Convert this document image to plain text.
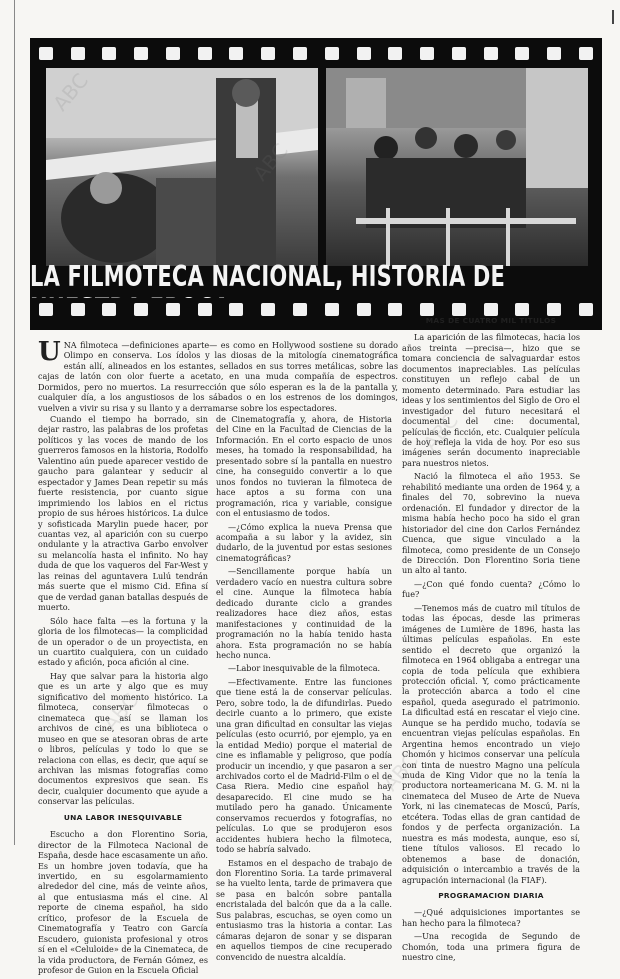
LA FILMOTECA NACIONAL, HISTORIA DE

U NA filmoteca —definiciones aparte— es como en Hollywood sostiene su dorado Olimpo en conserva. Los ídolos y las diosas de la mitología cinematográfica están allí, alineados en los estantes, sellados en sus torres metálicas, sobre las cajas de latón con olor fuerte a acetato, en una muda compañía de espectros. Dormidos, pero no muertos. La resurrección que sólo esperan es la de la pantalla y, cualquier día, a los angustiosos de los sábados o en los estrenos de los domingos, vuelven a vivir su risa y su llanto y a derramarse sobre los espectadores.

Cuando el tiempo ha borrado, sin dejar rastro, las palabras de los profetas políticos y las voces de mando de los guerreros famosos en la historia, Rodolfo Valentino aún puede aparecer vestido de gaucho para galantear y seducir al espectador y James Dean repetir su más fuerte resistencia, por cuanto sigue imprimiendo los labios en el rictus propio de sus héroes históricos. La dulce y sofisticada Marylin puede hacer, por cuantas vez, al aparición con su cuerpo ondulante y la atractiva Garbo envolver su melancolía hasta el infinito. No hay duda de que los vaqueros del Far-West y las reinas del aguntavera Lulú tendrán más suerte que el mismo Cid. Efina sí que de verdad ganan batallas después de muerto.

Sólo hace falta —es la fortuna y la gloria de los filmotecas— la complicidad de un operador o de un proyectista, en un cuartito cualquiera, con un cuidado estado y afición, poca afición al cine.

Hay que salvar para la historia algo que es un arte y algo que es muy significativo del momento histórico. La filmoteca, conservar filmotecas o cinemateca que así se llaman los archivos de cine, es una biblioteca o museo en que se atesoran obras de arte o libros, películas y todo lo que se relaciona con ellas, es decir, que aquí se archivan las mismas fotografías como documentos expresivos que sean. Es decir, cualquier documento que ayude a conservar las películas.

UNA LABOR INESQUIVABLE

Escucho a don Florentino Soria, director de la Filmoteca Nacional de España, desde hace escasamente un año. Es un hombre joven todavía, que ha invertido, en su esgolarmamiento alrededor del cine, más de veinte años, al que entusiasma más el cine. Al reporte de cinema español, ha sido crítico, profesor de la Escuela de Cinematografía y Teatro con García Escudero, guionista profesional y otros sí en el «Celuloide» de la Cinemateca, de la vida productora, de Fernán Gómez, es profesor de Guion en la Escuela Oficial

de Cinematografía y, ahora, de Historia del Cine en la Facultad de Ciencias de la Información. En el corto espacio de unos meses, ha tomado la responsabilidad, ha presentado sobre sí la pantalla en nuestro cine, ha conseguido convertir a lo que unos fondos no tuvieran la filmoteca de hace aptos a su forma con una programación, rica y variable, consigue con el entusiasmo de todos.

—¿Cómo explica la nueva Prensa que acompaña a su labor y la avidez, sin dudarlo, de la juventud por estas sesiones cinematográficas?

—Sencillamente porque había un verdadero vacío en nuestra cultura sobre el cine. Aunque la filmoteca había dedicado durante ciclo a grandes realizadores hace diez años, estas manifestaciones y continuidad de la programación no la había tenido hasta ahora. Esta programación no se había hecho nunca.

—Labor inesquivable de la filmoteca.

—Efectivamente. Entre las funciones que tiene está la de conservar películas. Pero, sobre todo, la de difundirlas. Puedo decirle cuanto a lo primero, que existe una gran dificultad en consultar las viejas películas (esto ocurrió, por ejemplo, ya en la entidad Medio) porque el material de cine es inflamable y peligroso, que podía producir un incendio, y que pasaron a ser archivados corto el de Madrid-Film o el de Casa Riera. Medio cine español hay desaparecido. El cine mudo se ha mutilado pero ha ganado. Únicamente conservamos recuerdos y fotografías, no películas. Lo que se produjeron esos accidentes hubiera hecho la filmoteca, todo se habría salvado.

Estamos en el despacho de trabajo de don Florentino Soria. La tarde primaveral se ha vuelto lenta, tarde de primavera que se pasa en balcón sobre pantalla encristalada del balcón que da a la calle. Sus palabras, escuchas, se oyen como un entusiasmo tras la historia a contar. Las cámaras dejaron de sonar y se disparan en aquellos tiempos de cine recuperado convencido de nuestra alcaldía.

MAS DE CUATRO MIL TITULOS

La aparición de las filmotecas, hacia los años treinta —precisa—, hizo que se tomara conciencia de salvaguardar estos documentos inapreciables. Las películas constituyen un reflejo cabal de un momento determinado. Para estudiar las ideas y los sentimientos del Siglo de Oro el investigador del futuro necesitará el documental del cine: documental, películas de ficción, etc. Cualquier película de hoy refleja la vida de hoy. Por eso sus imágenes serán documento inapreciable para nuestros nietos.

Nació la filmoteca el año 1953. Se rehabilitó mediante una orden de 1964 y, a finales del 70, sobrevino la nueva ordenación. El fundador y director de la misma había hecho poco ha sido el gran historiador del cine don Carlos Fernández Cuenca, que sigue vinculado a la filmoteca, como presidente de un Consejo de Dirección. Don Florentino Soria tiene un alto al tanto.

—¿Con qué fondo cuenta? ¿Cómo lo fue?

—Tenemos más de cuatro mil títulos de todas las épocas, desde las primeras imágenes de Lumière de 1896, hasta las últimas películas españolas. En este sentido el decreto que organizó la filmoteca en 1964 obligaba a entregar una copia de toda película que exhibiera protección oficial. Y, como prácticamente la protección abarca a todo el cine español, queda asegurado el patrimonio. La dificultad está en rescatar el viejo cine. Aunque se ha perdido mucho, todavía se encuentran viejas películas españolas. En Argentina hemos encontrado un viejo Chomón y hicimos conservar una película con tinta de nuestro Magno una película muda de King Vidor que no la tenía la productora norteamericana M. G. M. ni la cinemateca del Museo de Arte de Nueva York, ni las cinematecas de Moscú, París, etcétera. Todas ellas de gran cantidad de fondos y de perfecta organización. La nuestra es más modesta, aunque, eso sí, tiene títulos valiosos. El recado lo obtenemos a base de donación, adquisición o intercambio a través de la agrupación internacional (la FIAF).

PROGRAMACION DIARIA

—¿Qué adquisiciones importantes se han hecho para la filmoteca?

—Una recogida de Segundo de Chomón, toda una primera figura de nuestro cine,

ABC
ABC
ABC
